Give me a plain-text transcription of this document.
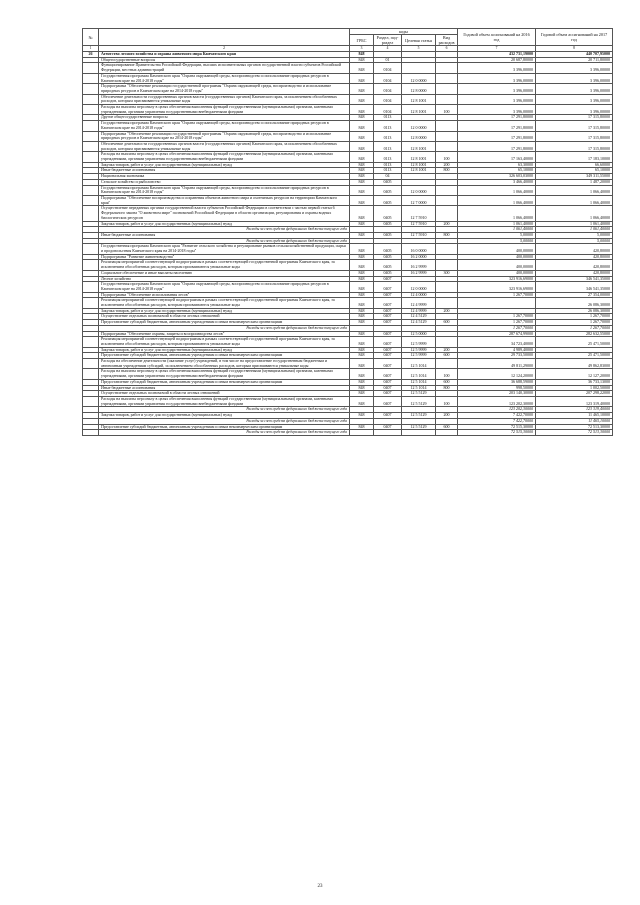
№		коды				Годовой объем ассигнований на 2016 год	Годовой объем ассигнований на 2017 год
		ГРБС	Раздел, под-раздел	Целевая статья	Вид расходов		
1	2	3	4	5	6	7	8
26	Агентство лесного хозяйства и охраны животного мира Камчатского края	848				432 731,19000	440 707,95000
	Общегосударственные вопросы	848	01			20 687,80000	20 711,80000
	Функционирование Правительства Российской Федерации, высших исполнительных органов государственной власти субъектов Российской Федерации, местных администраций	848	0104			3 396,00000	3 396,00000
	Государственная программа Камчатского края "Охрана окружающей среды, воспроизводство и использование природных ресурсов в Камчатском крае на 2014-2018 годы"	848	0104	12 0 0000		3 396,00000	3 396,00000
	Подпрограмма "Обеспечение реализации государственной программы "Охрана окружающей среды, воспроизводство и использование природных ресурсов в Камчатском крае на 2014-2018 годы"	848	0104	12 8 0000		3 396,00000	3 396,00000
	Обеспечение деятельности государственных органов власти (государственных органов) Камчатского края, за исключением обособленных расходов, которым присваиваются уникальные коды	848	0104	12 8 1001		3 396,00000	3 396,00000
	Расходы на выплаты персоналу в целях обеспечения выполнения функций государственными (муниципальными) органами, казенными учреждениями, органами управления государственными внебюджетными фондами	848	0104	12 8 1001	100	3 396,00000	3 396,00000
	Другие общегосударственные вопросы	848	0113			17 291,80000	17 315,80000
	Государственная программа Камчатского края "Охрана окружающей среды, воспроизводство и использование природных ресурсов в Камчатском крае на 2014-2018 годы"	848	0113	12 0 0000		17 291,80000	17 315,80000
	Подпрограмма "Обеспечение реализации государственной программы "Охрана окружающей среды, воспроизводство и использование природных ресурсов в Камчатском крае на 2014-2018 годы"	848	0113	12 8 0000		17 291,80000	17 315,80000
	Обеспечение деятельности государственных органов власти (государственных органов) Камчатского края, за исключением обособленных расходов, которым присваиваются уникальные коды	848	0113	12 8 1001		17 291,80000	17 315,80000
	Расходы на выплаты персоналу в целях обеспечения выполнения функций государственными (муниципальными) органами, казенными учреждениями, органами управления государственными внебюджетными фондами	848	0113	12 8 1001	100	17 163,40000	17 183,10000
	Закупка товаров, работ и услуг для государственных (муниципальных) нужд	848	0113	12 8 1001	200	63,30000	66,60000
	Иные бюджетные ассигнования	848	0113	12 8 1001	800	65,10000	65,10000
	Национальная экономика	848	04			326 603,03000	349 311,55000
	Сельское хозяйство и рыболовство	848	0405			3 466,40000	1 487,20000
	Государственная программа Камчатского края "Охрана окружающей среды, воспроизводство и использование природных ресурсов в Камчатском крае на 2014-2018 годы"	848	0405	12 0 0000		1 066,40000	1 066,40000
	Подпрограмма "Обеспечение воспроизводства и сохранения объектов животного мира и охотничьих ресурсов на территории Камчатского края"	848	0405	12 7 0000		1 066,40000	1 066,40000
	Осуществление переданных органам государственной власти субъектов Российской Федерации в соответствии с частью первой статьи 6 Федерального закона "О животном мире" полномочий Российской Федерации в области организации, регулирования и охраны водных биологических ресурсов	848	0405	12 7 5910		1 066,40000	1 066,40000
	Закупка товаров, работ и услуг для государственных (муниципальных) нужд	848	0405	12 7 5910	200	1 061,40000	1 061,40000
	Расходы за счет средств федерального бюджета текущего года					1 061,40000	1 061,40000
	Иные бюджетные ассигнования	848	0405	12 7 5910	800	5,00000	5,00000
	Расходы за счет средств федерального бюджета текущего года					5,00000	5,00000
	Государственная программа Камчатского края "Развитие сельского хозяйства и регулирование рынков сельскохозяйственной продукции, сырья и продовольствия Камчатского края на 2014-2018 годы"	848	0405	16 0 0000		400,00000	420,80000
	Подпрограмма "Развитие животноводства"	848	0405	16 2 0000		400,00000	420,80000
	Реализация мероприятий соответствующей подпрограммы в рамках соответствующей государственной программы Камчатского края, за исключением обособленных расходов, которым присваиваются уникальные коды	848	0405	16 2 9999		400,00000	420,80000
	Социальное обеспечение и иные выплаты населению	848	0405	16 2 9999	300	400,00000	420,80000
	Лесное хозяйство	848	0407			323 916,69000	346 541,35000
	Государственная программа Камчатского края "Охрана окружающей среды, воспроизводство и использование природных ресурсов в Камчатском крае на 2014-2018 годы"	848	0407	12 0 0000		323 916,69000	346 541,35000
	Подпрограмма "Обеспечение использования лесов"	848	0407	12 4 0000		1 267,70000	27 354,00000
	Реализация мероприятий соответствующей подпрограммы в рамках соответствующей государственной программы Камчатского края, за исключением обособленных расходов, которым присваиваются уникальные коды	848	0407	12 4 9999			26 086,30000
	Закупка товаров, работ и услуг для государственных (муниципальных) нужд	848	0407	12 4 9999	200		26 086,30000
	Осуществление отдельных полномочий в области лесных отношений	848	0407	12 4 5129		1 267,70000	1 267,70000
	Предоставление субсидий бюджетным, автономным учреждениям и иным некоммерческим организациям	848	0407	12 4 5129	600	1 267,70000	1 267,70000
	Расходы за счет средств федерального бюджета текущего года					1 267,70000	1 267,70000
	Подпрограмма "Обеспечение охраны, защиты и воспроизводства лесов"	848	0407	12 5 0000		287 674,99000	282 632,55000
	Реализация мероприятий соответствующей подпрограммы в рамках соответствующей государственной программы Камчатского края, за исключением обособленных расходов, которым присваиваются уникальные коды	848	0407	12 5 9999		34 723,40000	25 471,50000
	Закупка товаров, работ и услуг для государственных (муниципальных) нужд	848	0407	12 5 9999	200	4 989,40000	
	Предоставление субсидий бюджетным, автономным учреждениям и иным некоммерческим организациям	848	0407	12 5 9999	600	29 733,50000	25 471,50000
	Расходы на обеспечение деятельности (оказание услуг) учреждений, в том числе на предоставление государственным бюджетным и автономным учреждениям субсидий, за исключением обособленных расходов, которым присваиваются уникальные коды	848	0407	12 5 1014		49 811,29000	49 862,83000
	Расходы на выплаты персоналу в целях обеспечения выполнения функций государственными (муниципальными) органами, казенными учреждениями, органами управления государственными внебюджетными фондами	848	0407	12 5 1014	100	12 124,20000	12 127,20000
	Предоставление субсидий бюджетным, автономным учреждениям и иным некоммерческим организациям	848	0407	12 5 1014	600	36 688,59000	36 733,13000
	Иные бюджетные ассигнования	848	0407	12 5 1014	800	998,50000	1 002,50000
	Осуществление отдельных полномочий в области лесных отношений	848	0407	12 5 5129		203 140,30000	207 298,22000
	Расходы на выплаты персоналу в целях обеспечения выполнения функций государственными (муниципальными) органами, казенными учреждениями, органами управления государственными внебюджетными фондами	848	0407	12 5 5129	100	123 202,30000	123 319,40000
	Расходы за счет средств федерального бюджета текущего года					123 202,30000	123 319,40000
	Закупка товаров, работ и услуг для государственных (муниципальных) нужд	848	0407	12 5 5129	200	7 422,70000	11 465,10000
	Расходы за счет средств федерального бюджета текущего года					7 422,70000	11 465,10000
	Предоставление субсидий бюджетным, автономным учреждениям и иным некоммерческим организациям	848	0407	12 5 5129	600	72 515,30000	72 513,30000
	Расходы за счет средств федерального бюджета текущего года					72 515,30000	72 513,30000
23
